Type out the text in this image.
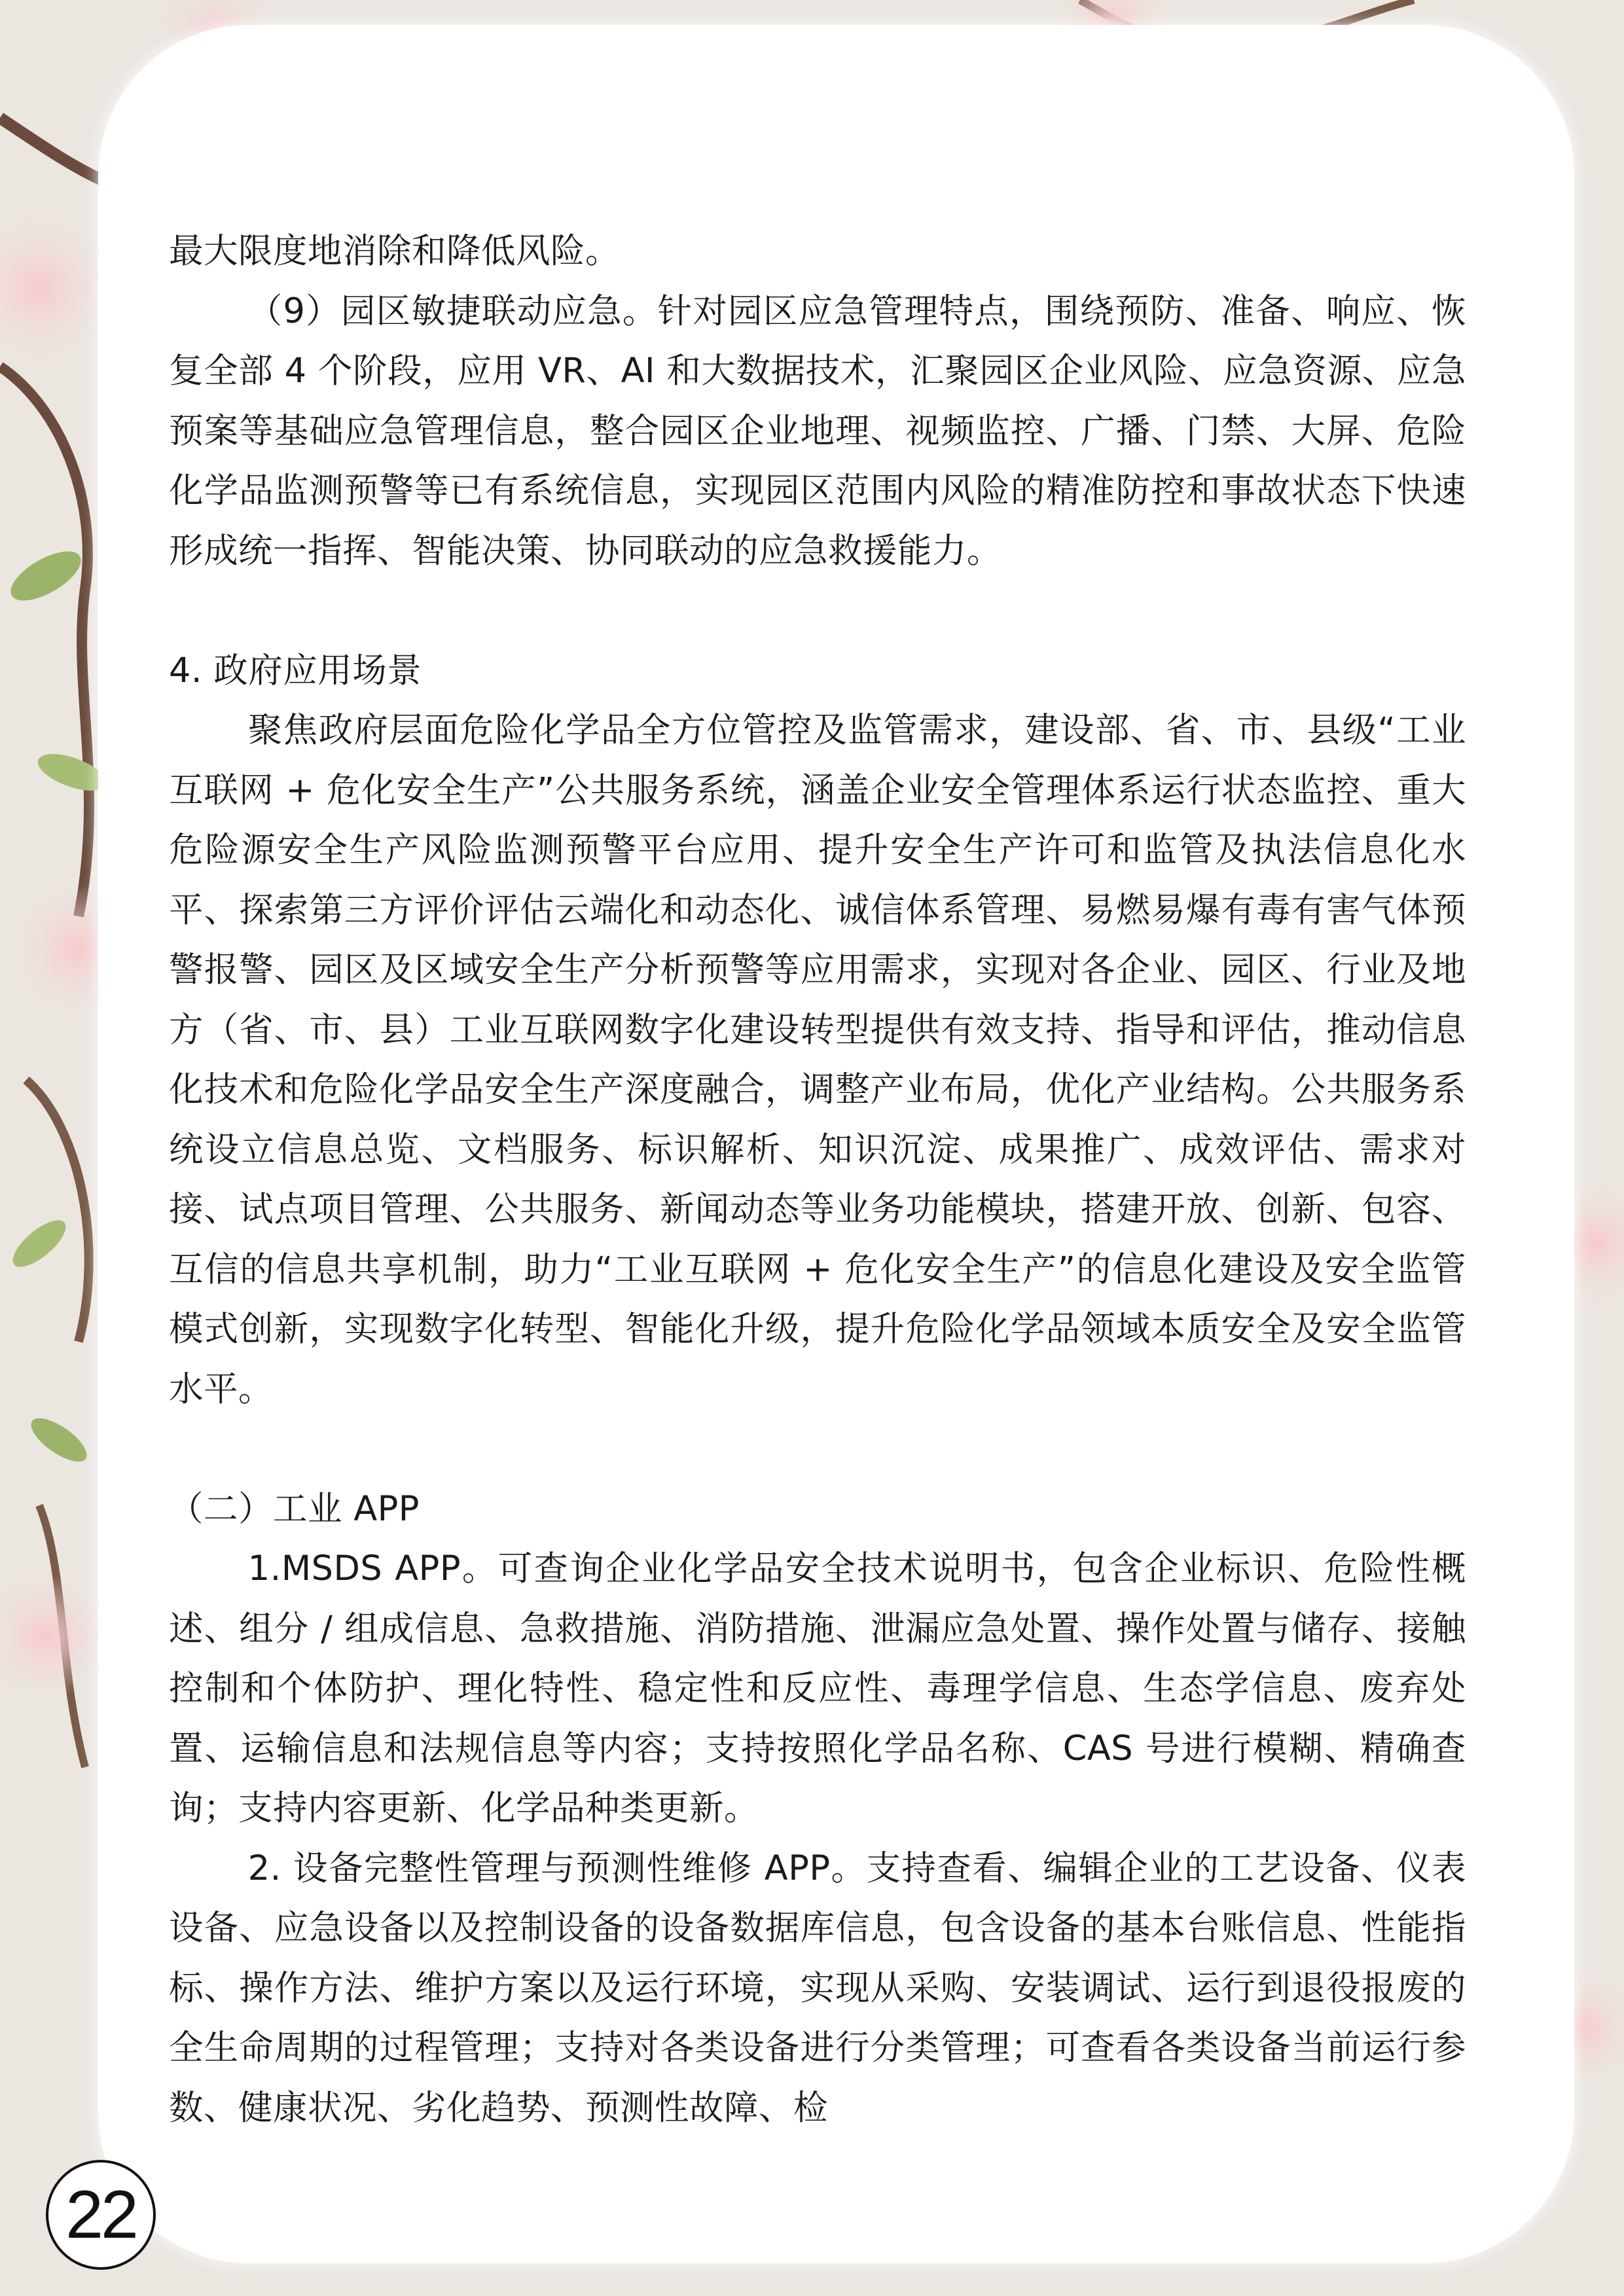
最大限度地消除和降低风险。

（9）园区敏捷联动应急。针对园区应急管理特点，围绕预防、准备、响应、恢复全部 4 个阶段，应用 VR、AI 和大数据技术，汇聚园区企业风险、应急资源、应急预案等基础应急管理信息，整合园区企业地理、视频监控、广播、门禁、大屏、危险化学品监测预警等已有系统信息，实现园区范围内风险的精准防控和事故状态下快速形成统一指挥、智能决策、协同联动的应急救援能力。

4. 政府应用场景

聚焦政府层面危险化学品全方位管控及监管需求，建设部、省、市、县级“工业互联网 + 危化安全生产”公共服务系统，涵盖企业安全管理体系运行状态监控、重大危险源安全生产风险监测预警平台应用、提升安全生产许可和监管及执法信息化水平、探索第三方评价评估云端化和动态化、诚信体系管理、易燃易爆有毒有害气体预警报警、园区及区域安全生产分析预警等应用需求，实现对各企业、园区、行业及地方（省、市、县）工业互联网数字化建设转型提供有效支持、指导和评估，推动信息化技术和危险化学品安全生产深度融合，调整产业布局，优化产业结构。公共服务系统设立信息总览、文档服务、标识解析、知识沉淀、成果推广、成效评估、需求对接、试点项目管理、公共服务、新闻动态等业务功能模块，搭建开放、创新、包容、互信的信息共享机制，助力“工业互联网 + 危化安全生产”的信息化建设及安全监管模式创新，实现数字化转型、智能化升级，提升危险化学品领域本质安全及安全监管水平。

（二）工业 APP

1.MSDS APP。可查询企业化学品安全技术说明书，包含企业标识、危险性概述、组分 / 组成信息、急救措施、消防措施、泄漏应急处置、操作处置与储存、接触控制和个体防护、理化特性、稳定性和反应性、毒理学信息、生态学信息、废弃处置、运输信息和法规信息等内容；支持按照化学品名称、CAS 号进行模糊、精确查询；支持内容更新、化学品种类更新。

2. 设备完整性管理与预测性维修 APP。支持查看、编辑企业的工艺设备、仪表设备、应急设备以及控制设备的设备数据库信息，包含设备的基本台账信息、性能指标、操作方法、维护方案以及运行环境，实现从采购、安装调试、运行到退役报废的全生命周期的过程管理；支持对各类设备进行分类管理；可查看各类设备当前运行参数、健康状况、劣化趋势、预测性故障、检

22
